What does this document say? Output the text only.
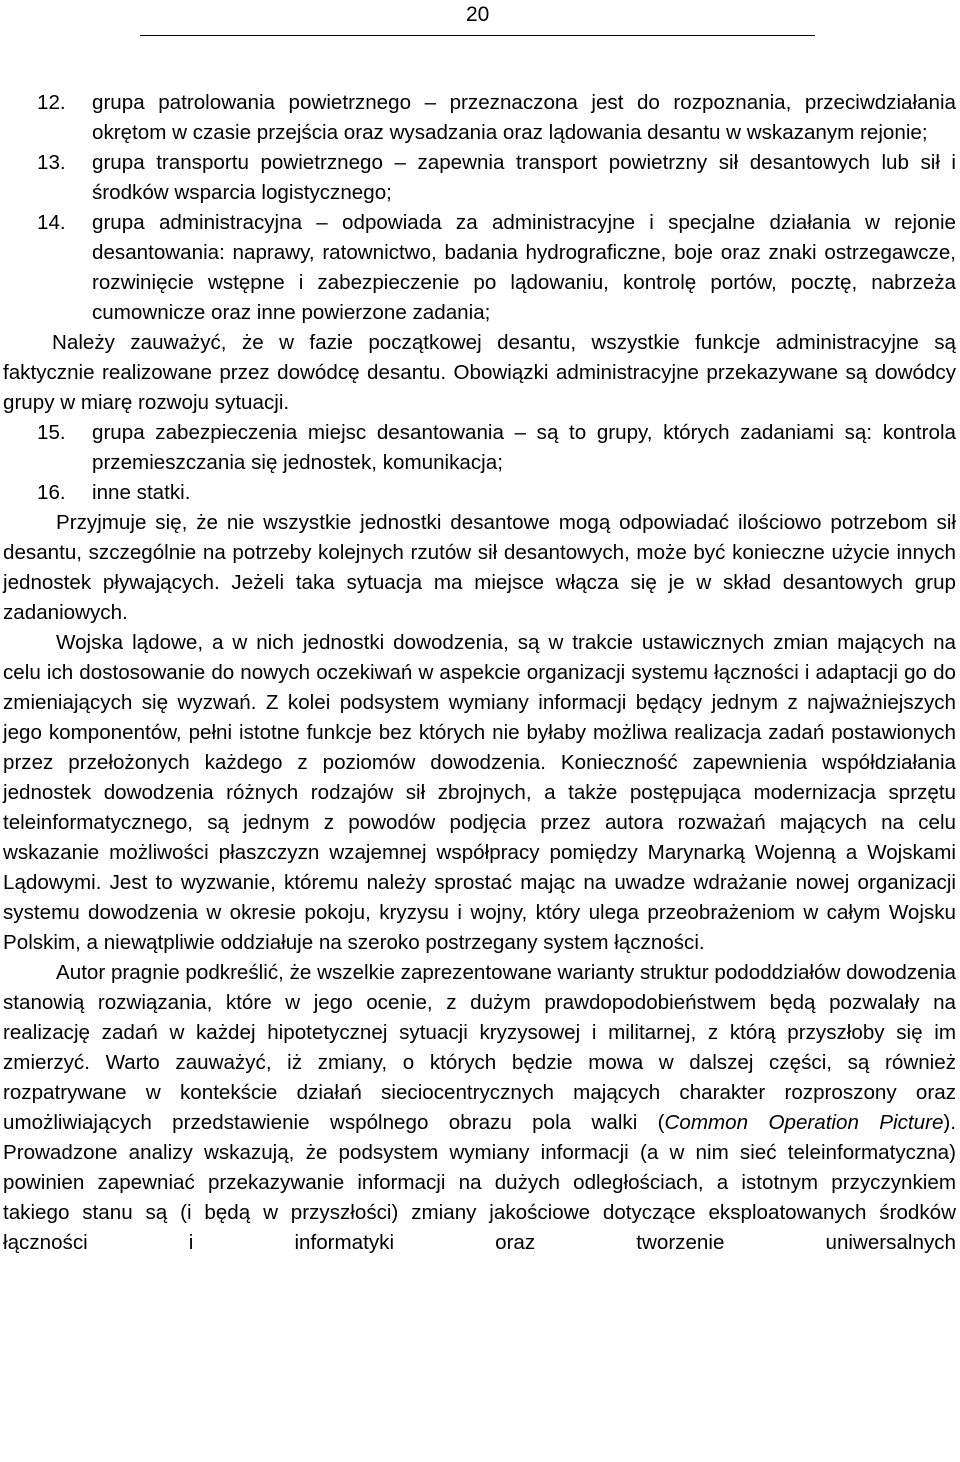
20
12.	grupa patrolowania powietrznego – przeznaczona jest do rozpoznania, przeciwdziałania okrętom w czasie przejścia oraz wysadzania oraz lądowania desantu w wskazanym rejonie;
13.	grupa transportu powietrznego – zapewnia transport powietrzny sił desantowych lub sił i środków wsparcia logistycznego;
14.	grupa administracyjna – odpowiada za administracyjne i specjalne działania w rejonie desantowania: naprawy, ratownictwo, badania hydrograficzne, boje oraz znaki ostrzegawcze, rozwinięcie wstępne i zabezpieczenie po lądowaniu, kontrolę portów, pocztę, nabrzeża cumownicze oraz inne powierzone zadania;

Należy zauważyć, że w fazie początkowej desantu, wszystkie funkcje administracyjne są faktycznie realizowane przez dowódcę desantu. Obowiązki administracyjne przekazywane są dowódcy grupy w miarę rozwoju sytuacji.

15.	grupa zabezpieczenia miejsc desantowania – są to grupy, których zadaniami są: kontrola przemieszczania się jednostek, komunikacja;
16.	inne statki.

Przyjmuje się, że nie wszystkie jednostki desantowe mogą odpowiadać ilościowo potrzebom sił desantu, szczególnie na potrzeby kolejnych rzutów sił desantowych, może być konieczne użycie innych jednostek pływających. Jeżeli taka sytuacja ma miejsce włącza się je w skład desantowych grup zadaniowych.

Wojska lądowe, a w nich jednostki dowodzenia, są w trakcie ustawicznych zmian mających na celu ich dostosowanie do nowych oczekiwań w aspekcie organizacji systemu łączności i adaptacji go do zmieniających się wyzwań. Z kolei podsystem wymiany informacji będący jednym z najważniejszych jego komponentów, pełni istotne funkcje bez których nie byłaby możliwa realizacja zadań postawionych przez przełożonych każdego z poziomów dowodzenia. Konieczność zapewnienia współdziałania jednostek dowodzenia różnych rodzajów sił zbrojnych, a także postępująca modernizacja sprzętu teleinformatycznego, są jednym z powodów podjęcia przez autora rozważań mających na celu wskazanie możliwości płaszczyzn wzajemnej współpracy pomiędzy Marynarką Wojenną a Wojskami Lądowymi. Jest to wyzwanie, któremu należy sprostać mając na uwadze wdrażanie nowej organizacji systemu dowodzenia w okresie pokoju, kryzysu i wojny, który ulega przeobrażeniom w całym Wojsku Polskim, a niewątpliwie oddziałuje na szeroko postrzegany system łączności.

Autor pragnie podkreślić, że wszelkie zaprezentowane warianty struktur pododdziałów dowodzenia stanowią rozwiązania, które w jego ocenie, z dużym prawdopodobieństwem będą pozwalały na realizację zadań w każdej hipotetycznej sytuacji kryzysowej i militarnej, z którą przyszłoby się im zmierzyć. Warto zauważyć, iż zmiany, o których będzie mowa w dalszej części, są również rozpatrywane w kontekście działań sieciocentrycznych mających charakter rozproszony oraz umożliwiających przedstawienie wspólnego obrazu pola walki (Common Operation Picture). Prowadzone analizy wskazują, że podsystem wymiany informacji (a w nim sieć teleinformatyczna) powinien zapewniać przekazywanie informacji na dużych odległościach, a istotnym przyczynkiem takiego stanu są (i będą w przyszłości) zmiany jakościowe dotyczące eksploatowanych środków łączności i informatyki oraz tworzenie uniwersalnych
